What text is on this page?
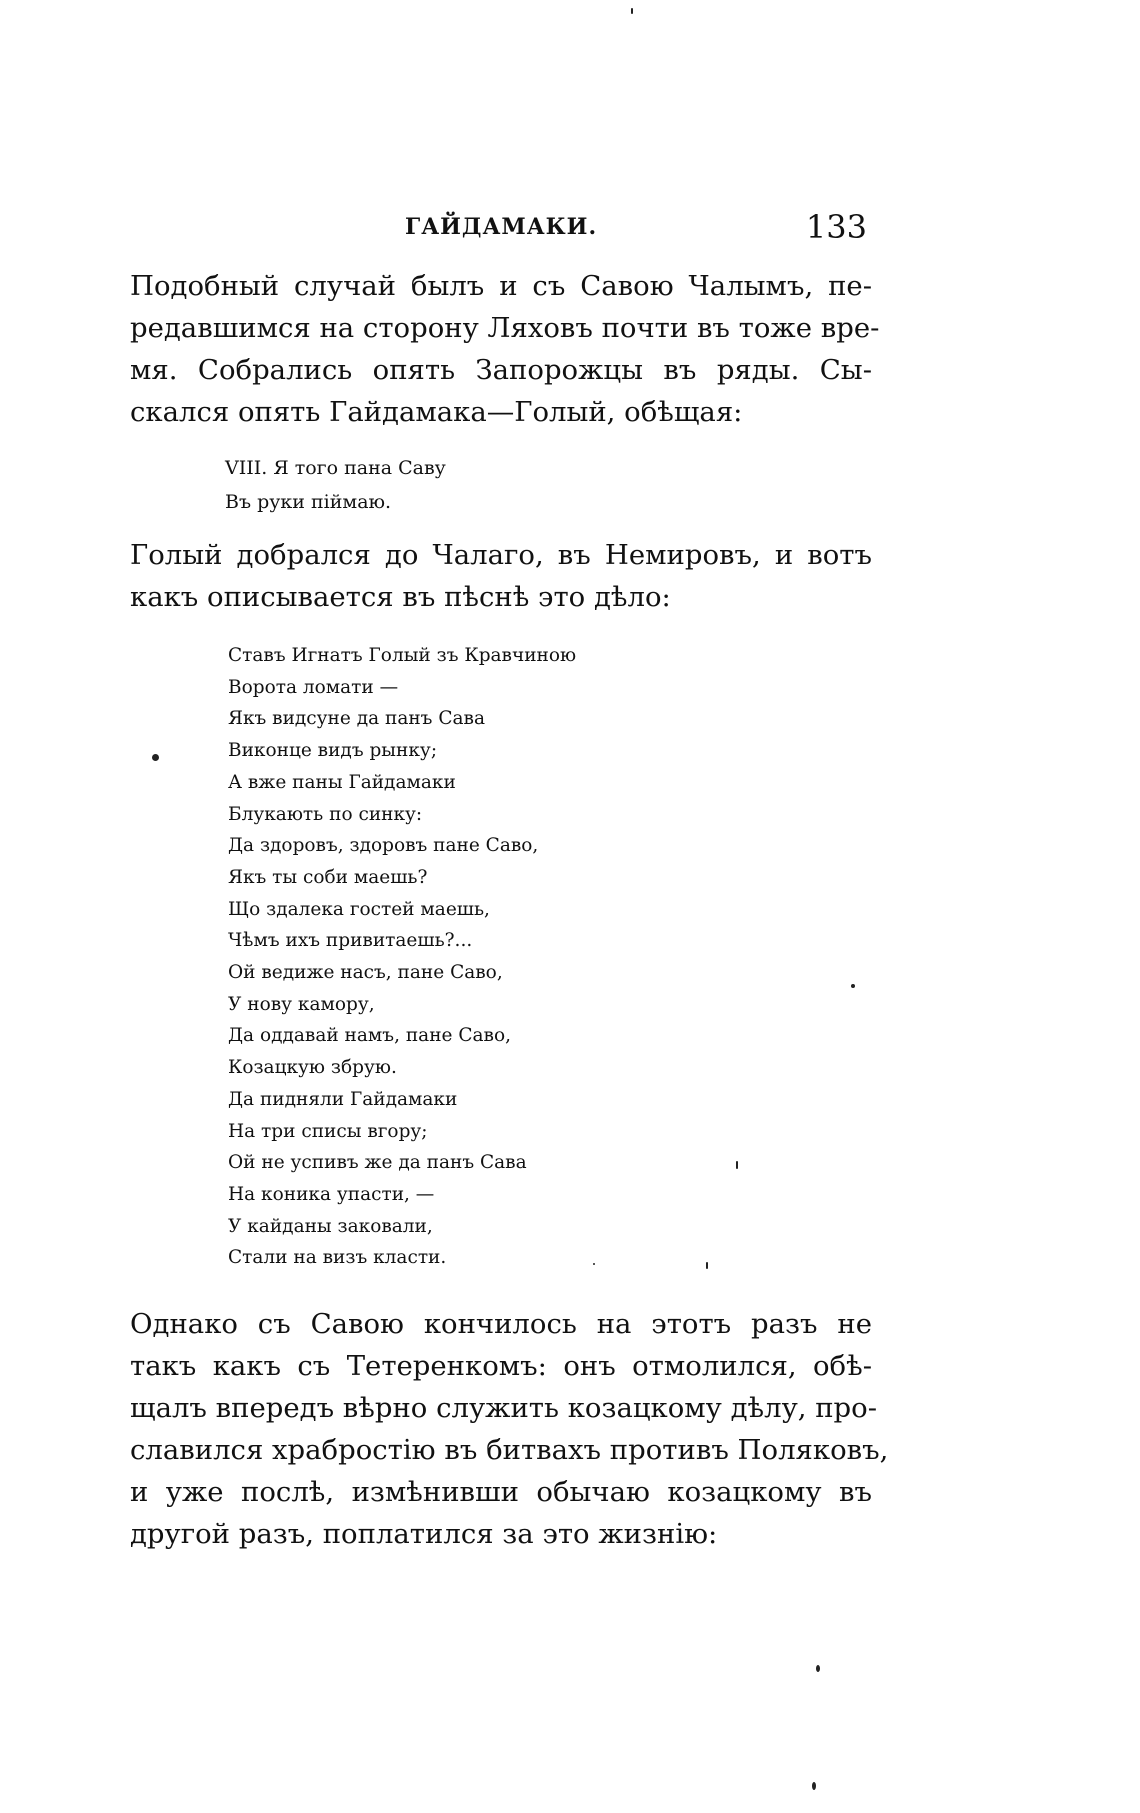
ГАЙДАМАКИ.	133
Подобный случай былъ и съ Савою Чалымъ, пе-
редавшимся на сторону Ляховъ почти въ тоже вре-
мя. Собрались опять Запорожцы въ ряды. Сы-
скался опять Гайдамака—Голый, обѣщая:
VIII. Я того пана Саву
Въ руки піймаю.
Голый добрался до Чалаго, въ Немировъ, и вотъ
какъ описывается въ пѣснѣ это дѣло:
Ставъ Игнатъ Голый зъ Кравчиною
Ворота ломати —
Якъ видсуне да панъ Сава
Виконце видъ рынку;
А вже паны Гайдамаки
Блукають по синку:
Да здоровъ, здоровъ пане Саво,
Якъ ты соби маешь?
Що здалека гостей маешь,
Чѣмъ ихъ привитаешь?...
Ой ведиже насъ, пане Саво,
У нову камору,
Да оддавай намъ, пане Саво,
Козацкую збрую.
Да пидняли Гайдамаки
На три списы вгору;
Ой не успивъ же да панъ Сава
На коника упасти, —
У кайданы заковали,
Стали на визъ класти.
Однако съ Савою кончилось на этотъ разъ не
такъ какъ съ Тетеренкомъ: онъ отмолился, обѣ-
щалъ впередъ вѣрно служить козацкому дѣлу, про-
славился храбростію въ битвахъ противъ Поляковъ,
и уже послѣ, измѣнивши обычаю козацкому въ
другой разъ, поплатился за это жизнію:
